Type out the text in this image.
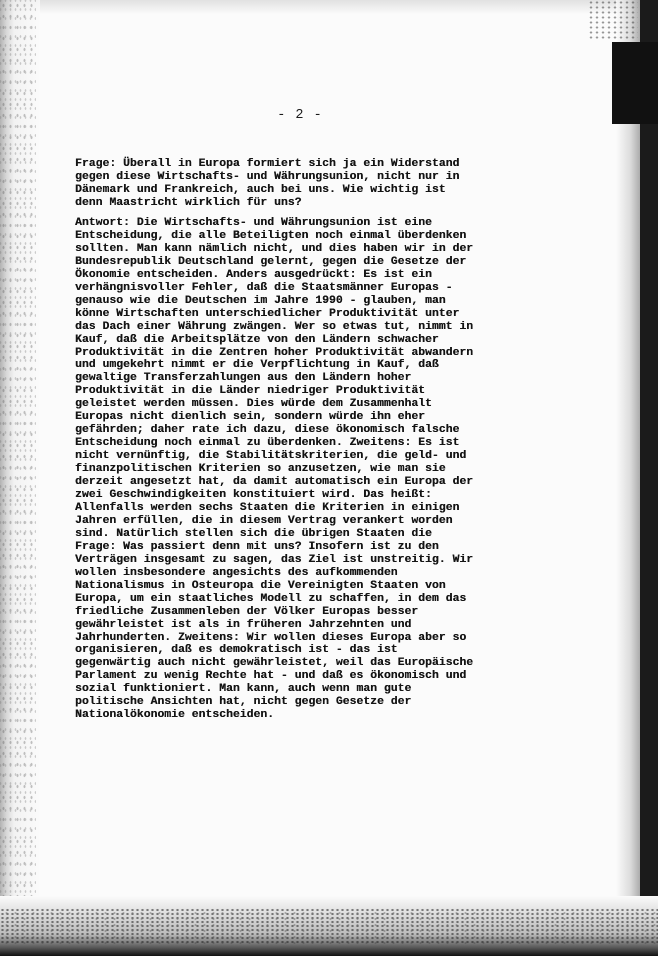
- 2 -
Frage: Überall in Europa formiert sich ja ein Widerstand
gegen diese Wirtschafts- und Währungsunion, nicht nur in
Dänemark und Frankreich, auch bei uns. Wie wichtig ist
denn Maastricht wirklich für uns?
Antwort: Die Wirtschafts- und Währungsunion ist eine
Entscheidung, die alle Beteiligten noch einmal überdenken
sollten. Man kann nämlich nicht, und dies haben wir in der
Bundesrepublik Deutschland gelernt, gegen die Gesetze der
Ökonomie entscheiden. Anders ausgedrückt: Es ist ein
verhängnisvoller Fehler, daß die Staatsmänner Europas -
genauso wie die Deutschen im Jahre 1990 - glauben, man
könne Wirtschaften unterschiedlicher Produktivität unter
das Dach einer Währung zwängen. Wer so etwas tut, nimmt in
Kauf, daß die Arbeitsplätze von den Ländern schwacher
Produktivität in die Zentren hoher Produktivität abwandern
und umgekehrt nimmt er die Verpflichtung in Kauf, daß
gewaltige Transferzahlungen aus den Ländern hoher
Produktivität in die Länder niedriger Produktivität
geleistet werden müssen. Dies würde dem Zusammenhalt
Europas nicht dienlich sein, sondern würde ihn eher
gefährden; daher rate ich dazu, diese ökonomisch falsche
Entscheidung noch einmal zu überdenken. Zweitens: Es ist
nicht vernünftig, die Stabilitätskriterien, die geld- und
finanzpolitischen Kriterien so anzusetzen, wie man sie
derzeit angesetzt hat, da damit automatisch ein Europa der
zwei Geschwindigkeiten konstituiert wird. Das heißt:
Allenfalls werden sechs Staaten die Kriterien in einigen
Jahren erfüllen, die in diesem Vertrag verankert worden
sind. Natürlich stellen sich die übrigen Staaten die
Frage: Was passiert denn mit uns? Insofern ist zu den
Verträgen insgesamt zu sagen, das Ziel ist unstreitig. Wir
wollen insbesondere angesichts des aufkommenden
Nationalismus in Osteuropa die Vereinigten Staaten von
Europa, um ein staatliches Modell zu schaffen, in dem das
friedliche Zusammenleben der Völker Europas besser
gewährleistet ist als in früheren Jahrzehnten und
Jahrhunderten. Zweitens: Wir wollen dieses Europa aber so
organisieren, daß es demokratisch ist - das ist
gegenwärtig auch nicht gewährleistet, weil das Europäische
Parlament zu wenig Rechte hat - und daß es ökonomisch und
sozial funktioniert. Man kann, auch wenn man gute
politische Ansichten hat, nicht gegen Gesetze der
Nationalökonomie entscheiden.
